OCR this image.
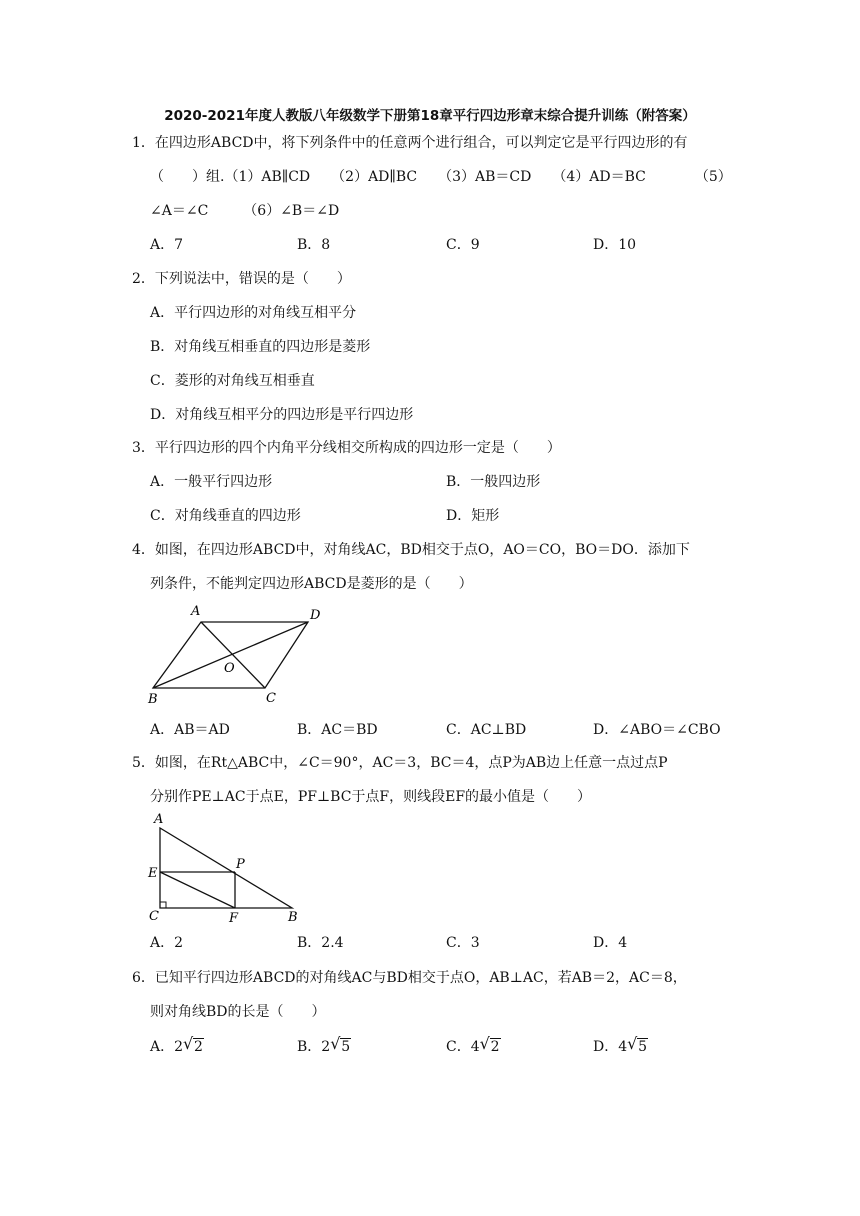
2020-2021年度人教版八年级数学下册第18章平行四边形章末综合提升训练（附答案）
1．在四边形ABCD中，将下列条件中的任意两个进行组合，可以判定它是平行四边形的有
（　　）组.（1）AB∥CD　　（2）AD∥BC　　（3）AB＝CD　　（4）AD＝BC　　　　（5）
∠A＝∠C　　　（6）∠B＝∠D
A．7	B．8	C．9	D．10
2．下列说法中，错误的是（　　）
A．平行四边形的对角线互相平分
B．对角线互相垂直的四边形是菱形
C．菱形的对角线互相垂直
D．对角线互相平分的四边形是平行四边形
3．平行四边形的四个内角平分线相交所构成的四边形一定是（　　）
A．一般平行四边形	B．一般四边形
C．对角线垂直的四边形	D．矩形
4．如图，在四边形ABCD中，对角线AC，BD相交于点O，AO＝CO，BO＝DO．添加下
列条件，不能判定四边形ABCD是菱形的是（　　）
A	D
O
B	C
A．AB＝AD	B．AC＝BD	C．AC⊥BD	D．∠ABO＝∠CBO
5．如图，在Rt△ABC中，∠C＝90°，AC＝3，BC＝4，点P为AB边上任意一点过点P
分别作PE⊥AC于点E，PF⊥BC于点F，则线段EF的最小值是（　　）
A
E
P
C	F	B
A．2	B．2.4	C．3	D．4
6．已知平行四边形ABCD的对角线AC与BD相交于点O，AB⊥AC，若AB＝2，AC＝8，
则对角线BD的长是（　　）
A．2 √ 2	B．2 √ 5	C．4 √ 2	D．4 √ 5
